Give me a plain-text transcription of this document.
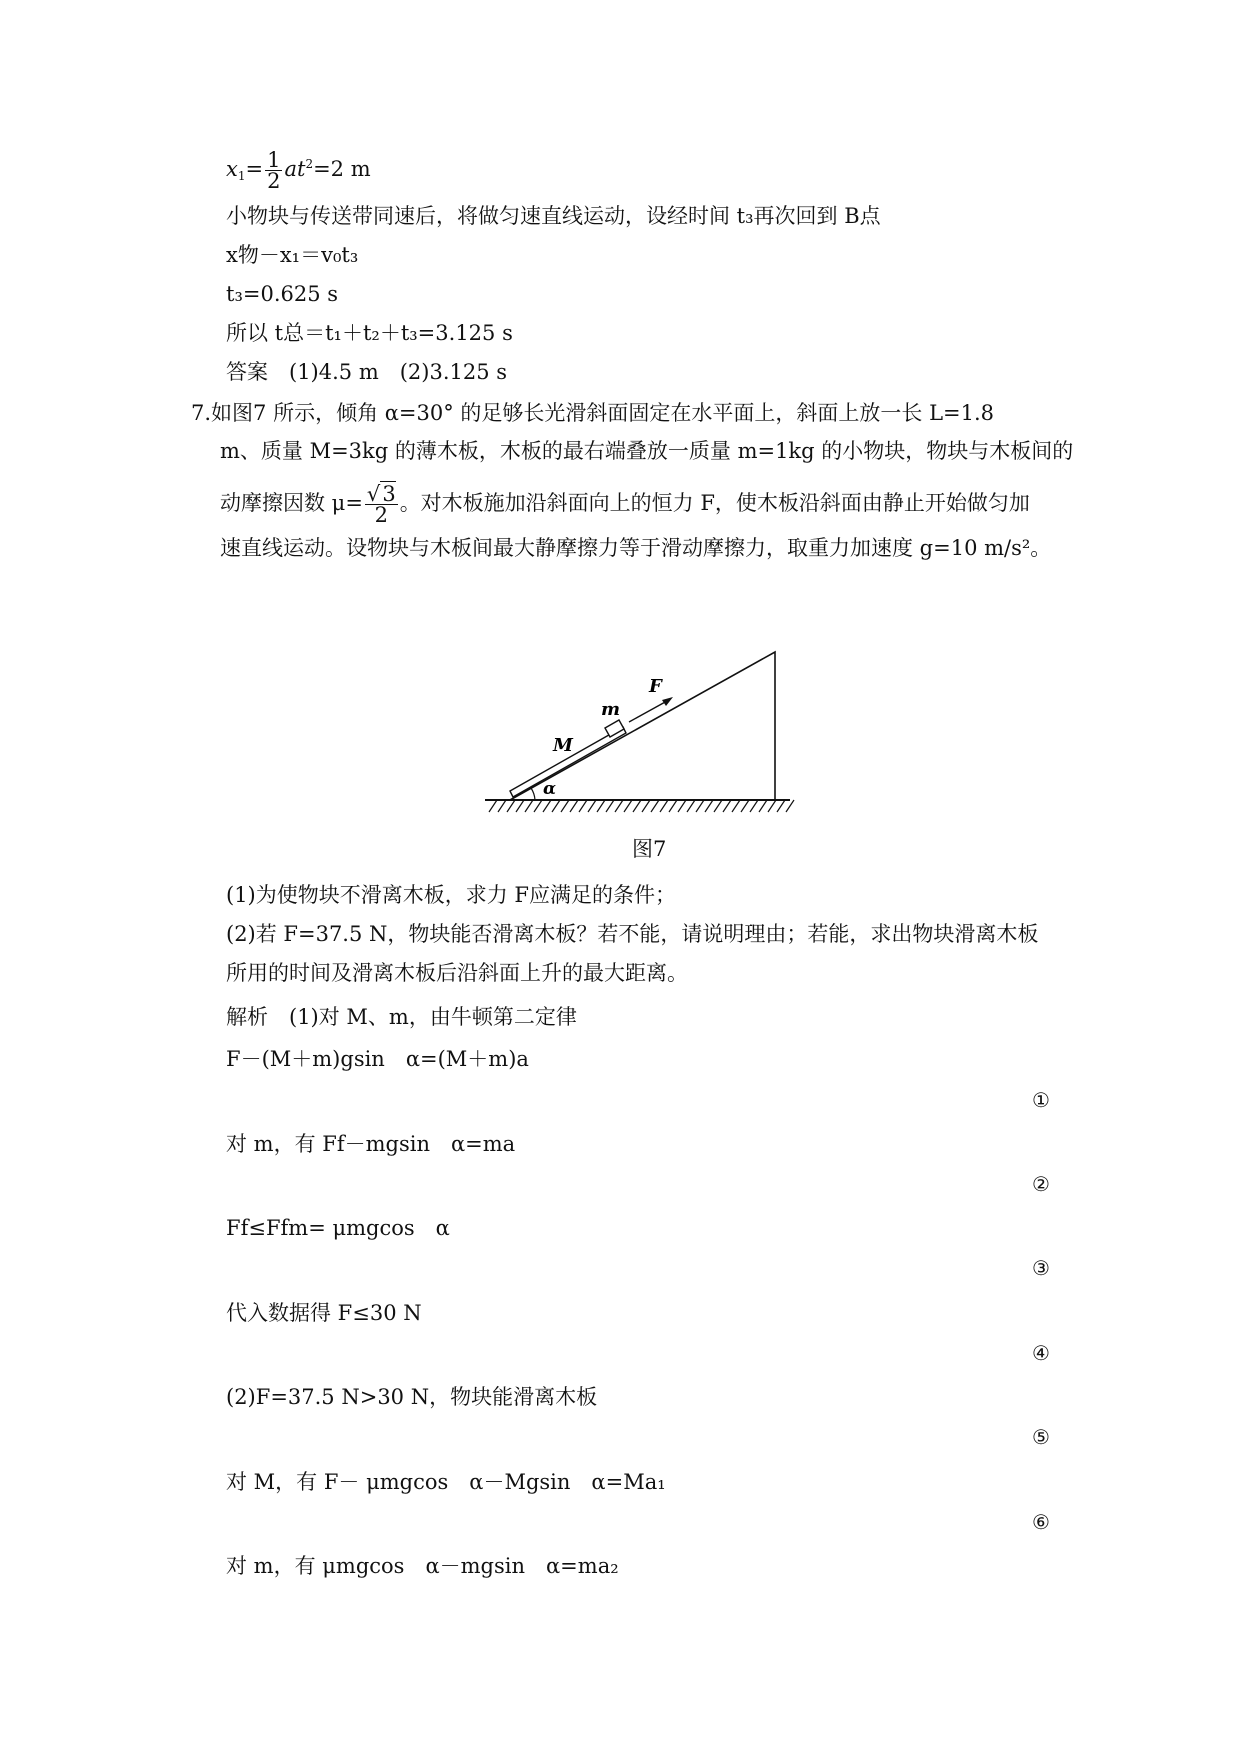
$x_1= \frac{1}{2} at^2=2$ m
小物块与传送带同速后，将做匀速直线运动，设经时间 t₃再次回到 B点
x物－x₁＝v₀t₃
t₃=0.625 s
所以 t总＝t₁＋t₂＋t₃=3.125 s
答案　(1)4.5 m　(2)3.125 s
7.如图7 所示，倾角 α=30° 的足够长光滑斜面固定在水平面上，斜面上放一长 L=1.8
m、质量 M=3kg 的薄木板，木板的最右端叠放一质量 m=1kg 的小物块，物块与木板间的
动摩擦因数 $\mu= \frac{√3}{2}$ 。对木板施加沿斜面向上的恒力 F，使木板沿斜面由静止开始做匀加
速直线运动。设物块与木板间最大静摩擦力等于滑动摩擦力，取重力加速度 g=10 m/s²。
m
F
M
α
图7
(1)为使物块不滑离木板，求力 F应满足的条件；
(2)若 F=37.5 N，物块能否滑离木板？若不能，请说明理由；若能，求出物块滑离木板
所用的时间及滑离木板后沿斜面上升的最大距离。
解析　(1)对 M、m，由牛顿第二定律
F－(M＋m)gsin　α=(M＋m)a
①
对 m，有 Ff－mgsin　α=ma
②
Ff≤Ffm= μmgcos　α
③
代入数据得 F≤30 N
④
(2)F=37.5 N>30 N，物块能滑离木板
⑤
对 M，有 F－ μmgcos　α－Mgsin　α=Ma₁
⑥
对 m，有 μmgcos　α－mgsin　α=ma₂
